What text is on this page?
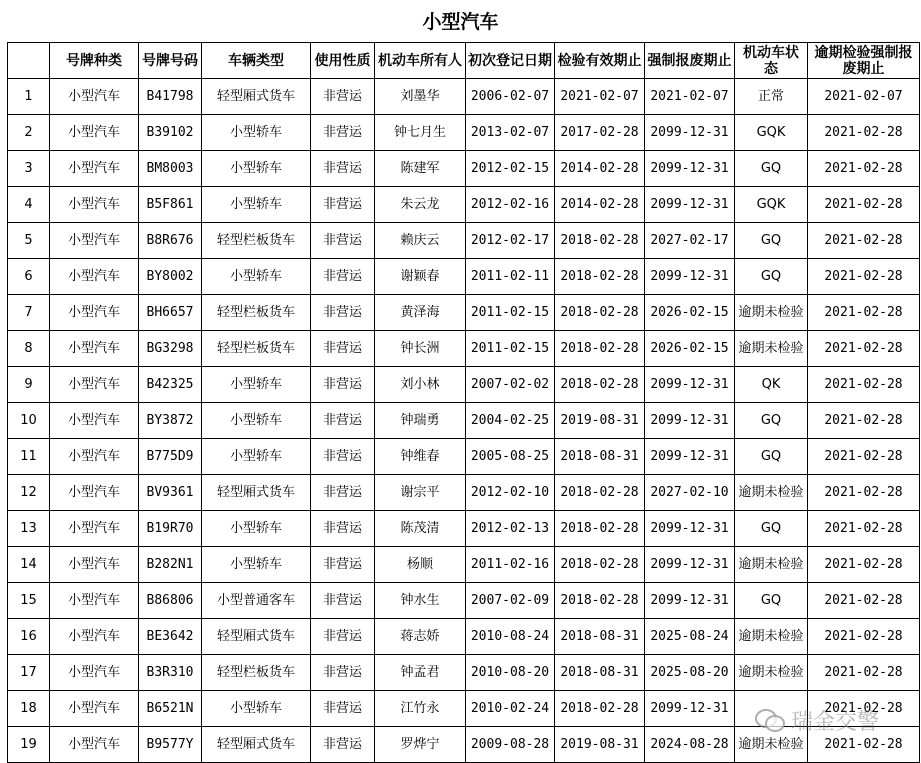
小型汽车
	号牌种类	号牌号码	车辆类型	使用性质	机动车所有人	初次登记日期	检验有效期止	强制报废期止	机动车状态	逾期检验强制报废期止
1	小型汽车	B41798	轻型厢式货车	非营运	刘墨华	2006-02-07	2021-02-07	2021-02-07	正常	2021-02-07
2	小型汽车	B39102	小型轿车	非营运	钟七月生	2013-02-07	2017-02-28	2099-12-31	GQK	2021-02-28
3	小型汽车	BM8003	小型轿车	非营运	陈建军	2012-02-15	2014-02-28	2099-12-31	GQ	2021-02-28
4	小型汽车	B5F861	小型轿车	非营运	朱云龙	2012-02-16	2014-02-28	2099-12-31	GQK	2021-02-28
5	小型汽车	B8R676	轻型栏板货车	非营运	赖庆云	2012-02-17	2018-02-28	2027-02-17	GQ	2021-02-28
6	小型汽车	BY8002	小型轿车	非营运	谢颖春	2011-02-11	2018-02-28	2099-12-31	GQ	2021-02-28
7	小型汽车	BH6657	轻型栏板货车	非营运	黄泽海	2011-02-15	2018-02-28	2026-02-15	逾期未检验	2021-02-28
8	小型汽车	BG3298	轻型栏板货车	非营运	钟长洲	2011-02-15	2018-02-28	2026-02-15	逾期未检验	2021-02-28
9	小型汽车	B42325	小型轿车	非营运	刘小林	2007-02-02	2018-02-28	2099-12-31	QK	2021-02-28
10	小型汽车	BY3872	小型轿车	非营运	钟瑞勇	2004-02-25	2019-08-31	2099-12-31	GQ	2021-02-28
11	小型汽车	B775D9	小型轿车	非营运	钟维春	2005-08-25	2018-08-31	2099-12-31	GQ	2021-02-28
12	小型汽车	BV9361	轻型厢式货车	非营运	谢宗平	2012-02-10	2018-02-28	2027-02-10	逾期未检验	2021-02-28
13	小型汽车	B19R70	小型轿车	非营运	陈茂清	2012-02-13	2018-02-28	2099-12-31	GQ	2021-02-28
14	小型汽车	B282N1	小型轿车	非营运	杨顺	2011-02-16	2018-02-28	2099-12-31	逾期未检验	2021-02-28
15	小型汽车	B86806	小型普通客车	非营运	钟水生	2007-02-09	2018-02-28	2099-12-31	GQ	2021-02-28
16	小型汽车	BE3642	轻型厢式货车	非营运	蒋志娇	2010-08-24	2018-08-31	2025-08-24	逾期未检验	2021-02-28
17	小型汽车	B3R310	轻型栏板货车	非营运	钟孟君	2010-08-20	2018-08-31	2025-08-20	逾期未检验	2021-02-28
18	小型汽车	B6521N	小型轿车	非营运	江竹永	2010-02-24	2018-02-28	2099-12-31		2021-02-28
19	小型汽车	B9577Y	轻型厢式货车	非营运	罗烨宁	2009-08-28	2019-08-31	2024-08-28	逾期未检验	2021-02-28
瑞金交警
